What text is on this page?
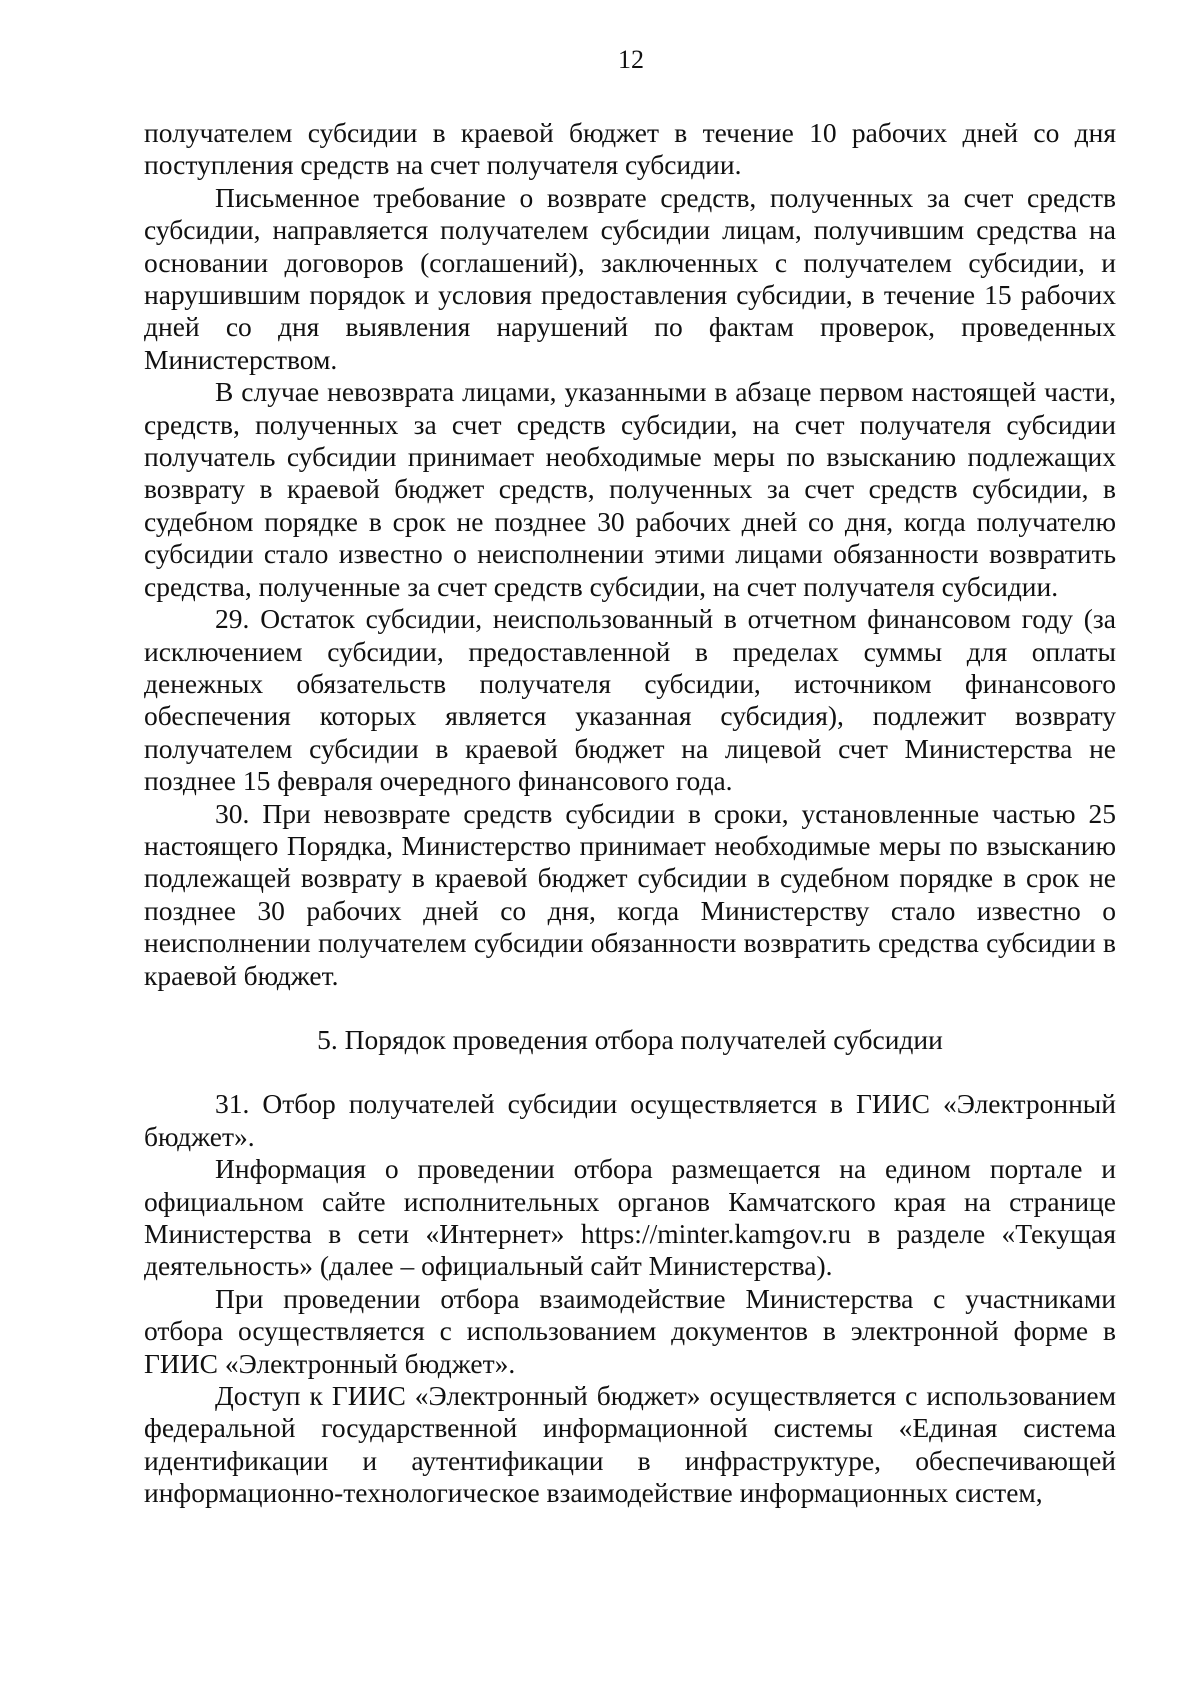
12

получателем субсидии в краевой бюджет в течение 10 рабочих дней со дня поступления средств на счет получателя субсидии.

Письменное требование о возврате средств, полученных за счет средств субсидии, направляется получателем субсидии лицам, получившим средства на основании договоров (соглашений), заключенных с получателем субсидии, и нарушившим порядок и условия предоставления субсидии, в течение 15 рабочих дней со дня выявления нарушений по фактам проверок, проведенных Министерством.

В случае невозврата лицами, указанными в абзаце первом настоящей части, средств, полученных за счет средств субсидии, на счет получателя субсидии получатель субсидии принимает необходимые меры по взысканию подлежащих возврату в краевой бюджет средств, полученных за счет средств субсидии, в судебном порядке в срок не позднее 30 рабочих дней со дня, когда получателю субсидии стало известно о неисполнении этими лицами обязанности возвратить средства, полученные за счет средств субсидии, на счет получателя субсидии.

29. Остаток субсидии, неиспользованный в отчетном финансовом году (за исключением субсидии, предоставленной в пределах суммы для оплаты денежных обязательств получателя субсидии, источником финансового обеспечения которых является указанная субсидия), подлежит возврату получателем субсидии в краевой бюджет на лицевой счет Министерства не позднее 15 февраля очередного финансового года.

30. При невозврате средств субсидии в сроки, установленные частью 25 настоящего Порядка, Министерство принимает необходимые меры по взысканию подлежащей возврату в краевой бюджет субсидии в судебном порядке в срок не позднее 30 рабочих дней со дня, когда Министерству стало известно о неисполнении получателем субсидии обязанности возвратить средства субсидии в краевой бюджет.

5. Порядок проведения отбора получателей субсидии

31. Отбор получателей субсидии осуществляется в ГИИС «Электронный бюджет».

Информация о проведении отбора размещается на едином портале и официальном сайте исполнительных органов Камчатского края на странице Министерства в сети «Интернет» https://minter.kamgov.ru в разделе «Текущая деятельность» (далее – официальный сайт Министерства).

При проведении отбора взаимодействие Министерства с участниками отбора осуществляется с использованием документов в электронной форме в ГИИС «Электронный бюджет».

Доступ к ГИИС «Электронный бюджет» осуществляется с использованием федеральной государственной информационной системы «Единая система идентификации и аутентификации в инфраструктуре, обеспечивающей информационно-технологическое взаимодействие информационных систем,
